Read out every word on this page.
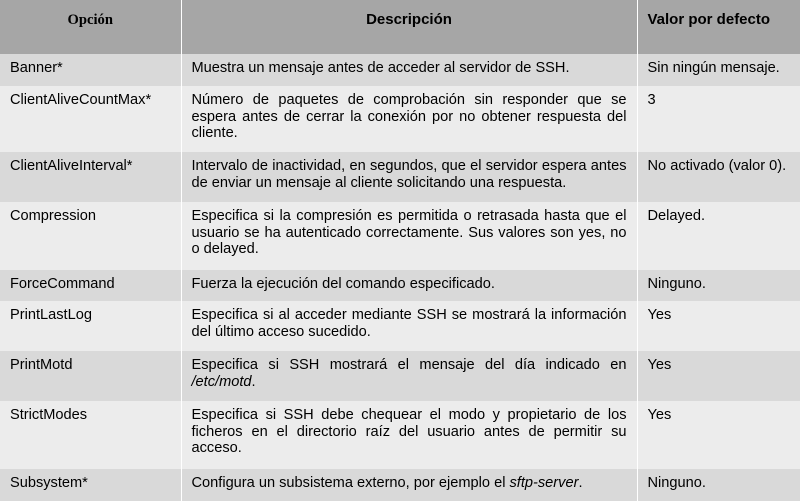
Opción	Descripción	Valor por defecto
Banner*	Muestra un mensaje antes de acceder al servidor de SSH.	Sin ningún mensaje.
ClientAliveCountMax*	Número de paquetes de comprobación sin responder que se espera antes de cerrar la conexión por no obtener respuesta del cliente.	3
ClientAliveInterval*	Intervalo de inactividad, en segundos, que el servidor espera antes de enviar un mensaje al cliente solicitando una respuesta.	No activado (valor 0).
Compression	Especifica si la compresión es permitida o retrasada hasta que el usuario se ha autenticado correctamente. Sus valores son yes, no o delayed.	Delayed.
ForceCommand	Fuerza la ejecución del comando especificado.	Ninguno.
PrintLastLog	Especifica si al acceder mediante SSH se mostrará la información del último acceso sucedido.	Yes
PrintMotd	Especifica si SSH mostrará el mensaje del día indicado en /etc/motd.	Yes
StrictModes	Especifica si SSH debe chequear el modo y propietario de los ficheros en el directorio raíz del usuario antes de permitir su acceso.	Yes
Subsystem*	Configura un subsistema externo, por ejemplo el sftp-server.	Ninguno.
